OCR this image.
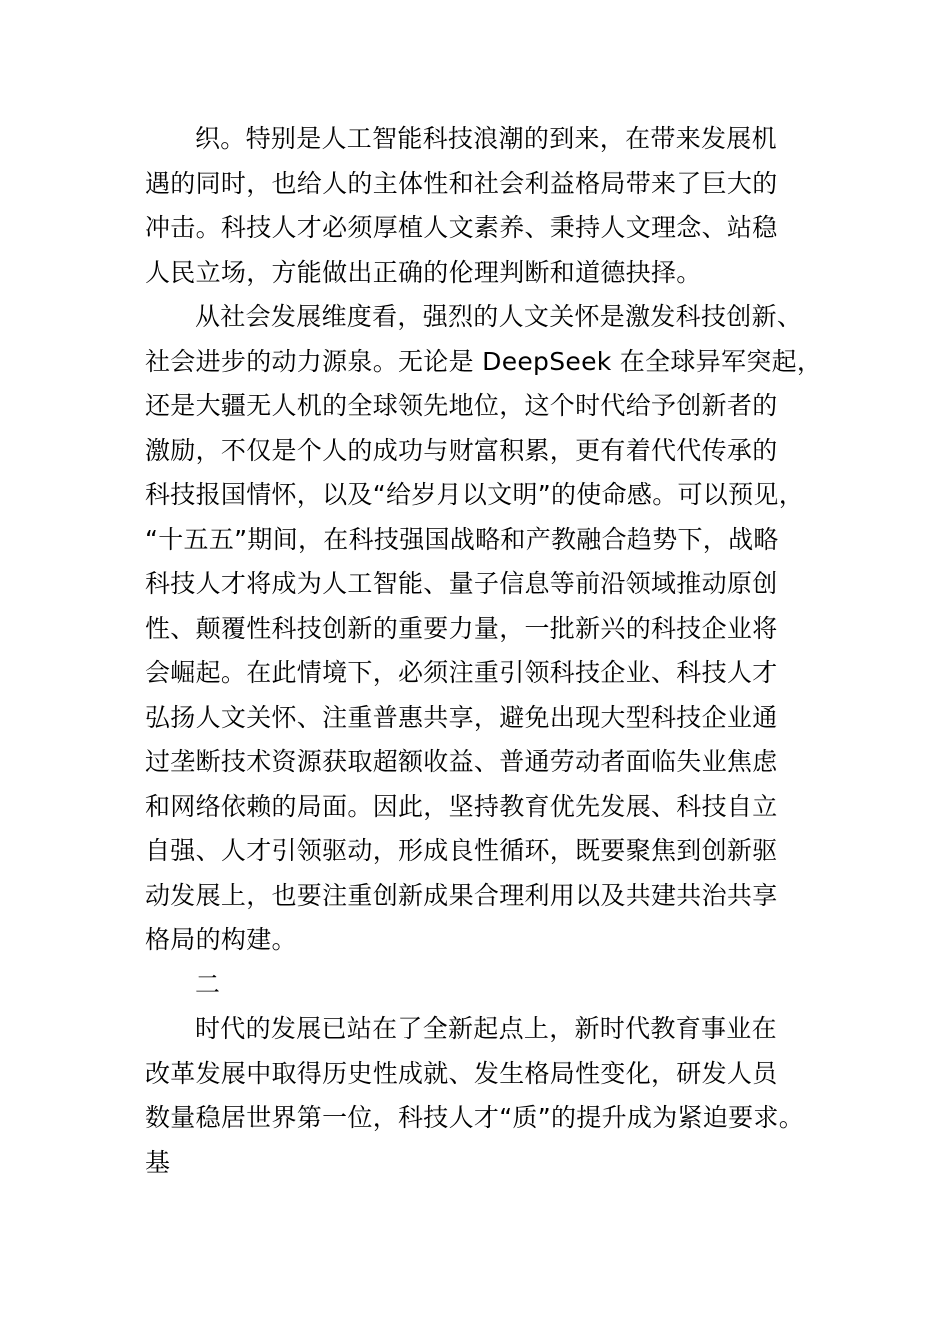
织。特别是人工智能科技浪潮的到来，在带来发展机
遇的同时，也给人的主体性和社会利益格局带来了巨大的
冲击。科技人才必须厚植人文素养、秉持人文理念、站稳
人民立场，方能做出正确的伦理判断和道德抉择。
从社会发展维度看，强烈的人文关怀是激发科技创新、
社会进步的动力源泉。无论是 DeepSeek 在全球异军突起，
还是大疆无人机的全球领先地位，这个时代给予创新者的
激励，不仅是个人的成功与财富积累，更有着代代传承的
科技报国情怀，以及“给岁月以文明”的使命感。可以预见，
“十五五”期间，在科技强国战略和产教融合趋势下，战略
科技人才将成为人工智能、量子信息等前沿领域推动原创
性、颠覆性科技创新的重要力量，一批新兴的科技企业将
会崛起。在此情境下，必须注重引领科技企业、科技人才
弘扬人文关怀、注重普惠共享，避免出现大型科技企业通
过垄断技术资源获取超额收益、普通劳动者面临失业焦虑
和网络依赖的局面。因此，坚持教育优先发展、科技自立
自强、人才引领驱动，形成良性循环，既要聚焦到创新驱
动发展上，也要注重创新成果合理利用以及共建共治共享
格局的构建。
二
时代的发展已站在了全新起点上，新时代教育事业在
改革发展中取得历史性成就、发生格局性变化，研发人员
数量稳居世界第一位，科技人才“质”的提升成为紧迫要求。
基
